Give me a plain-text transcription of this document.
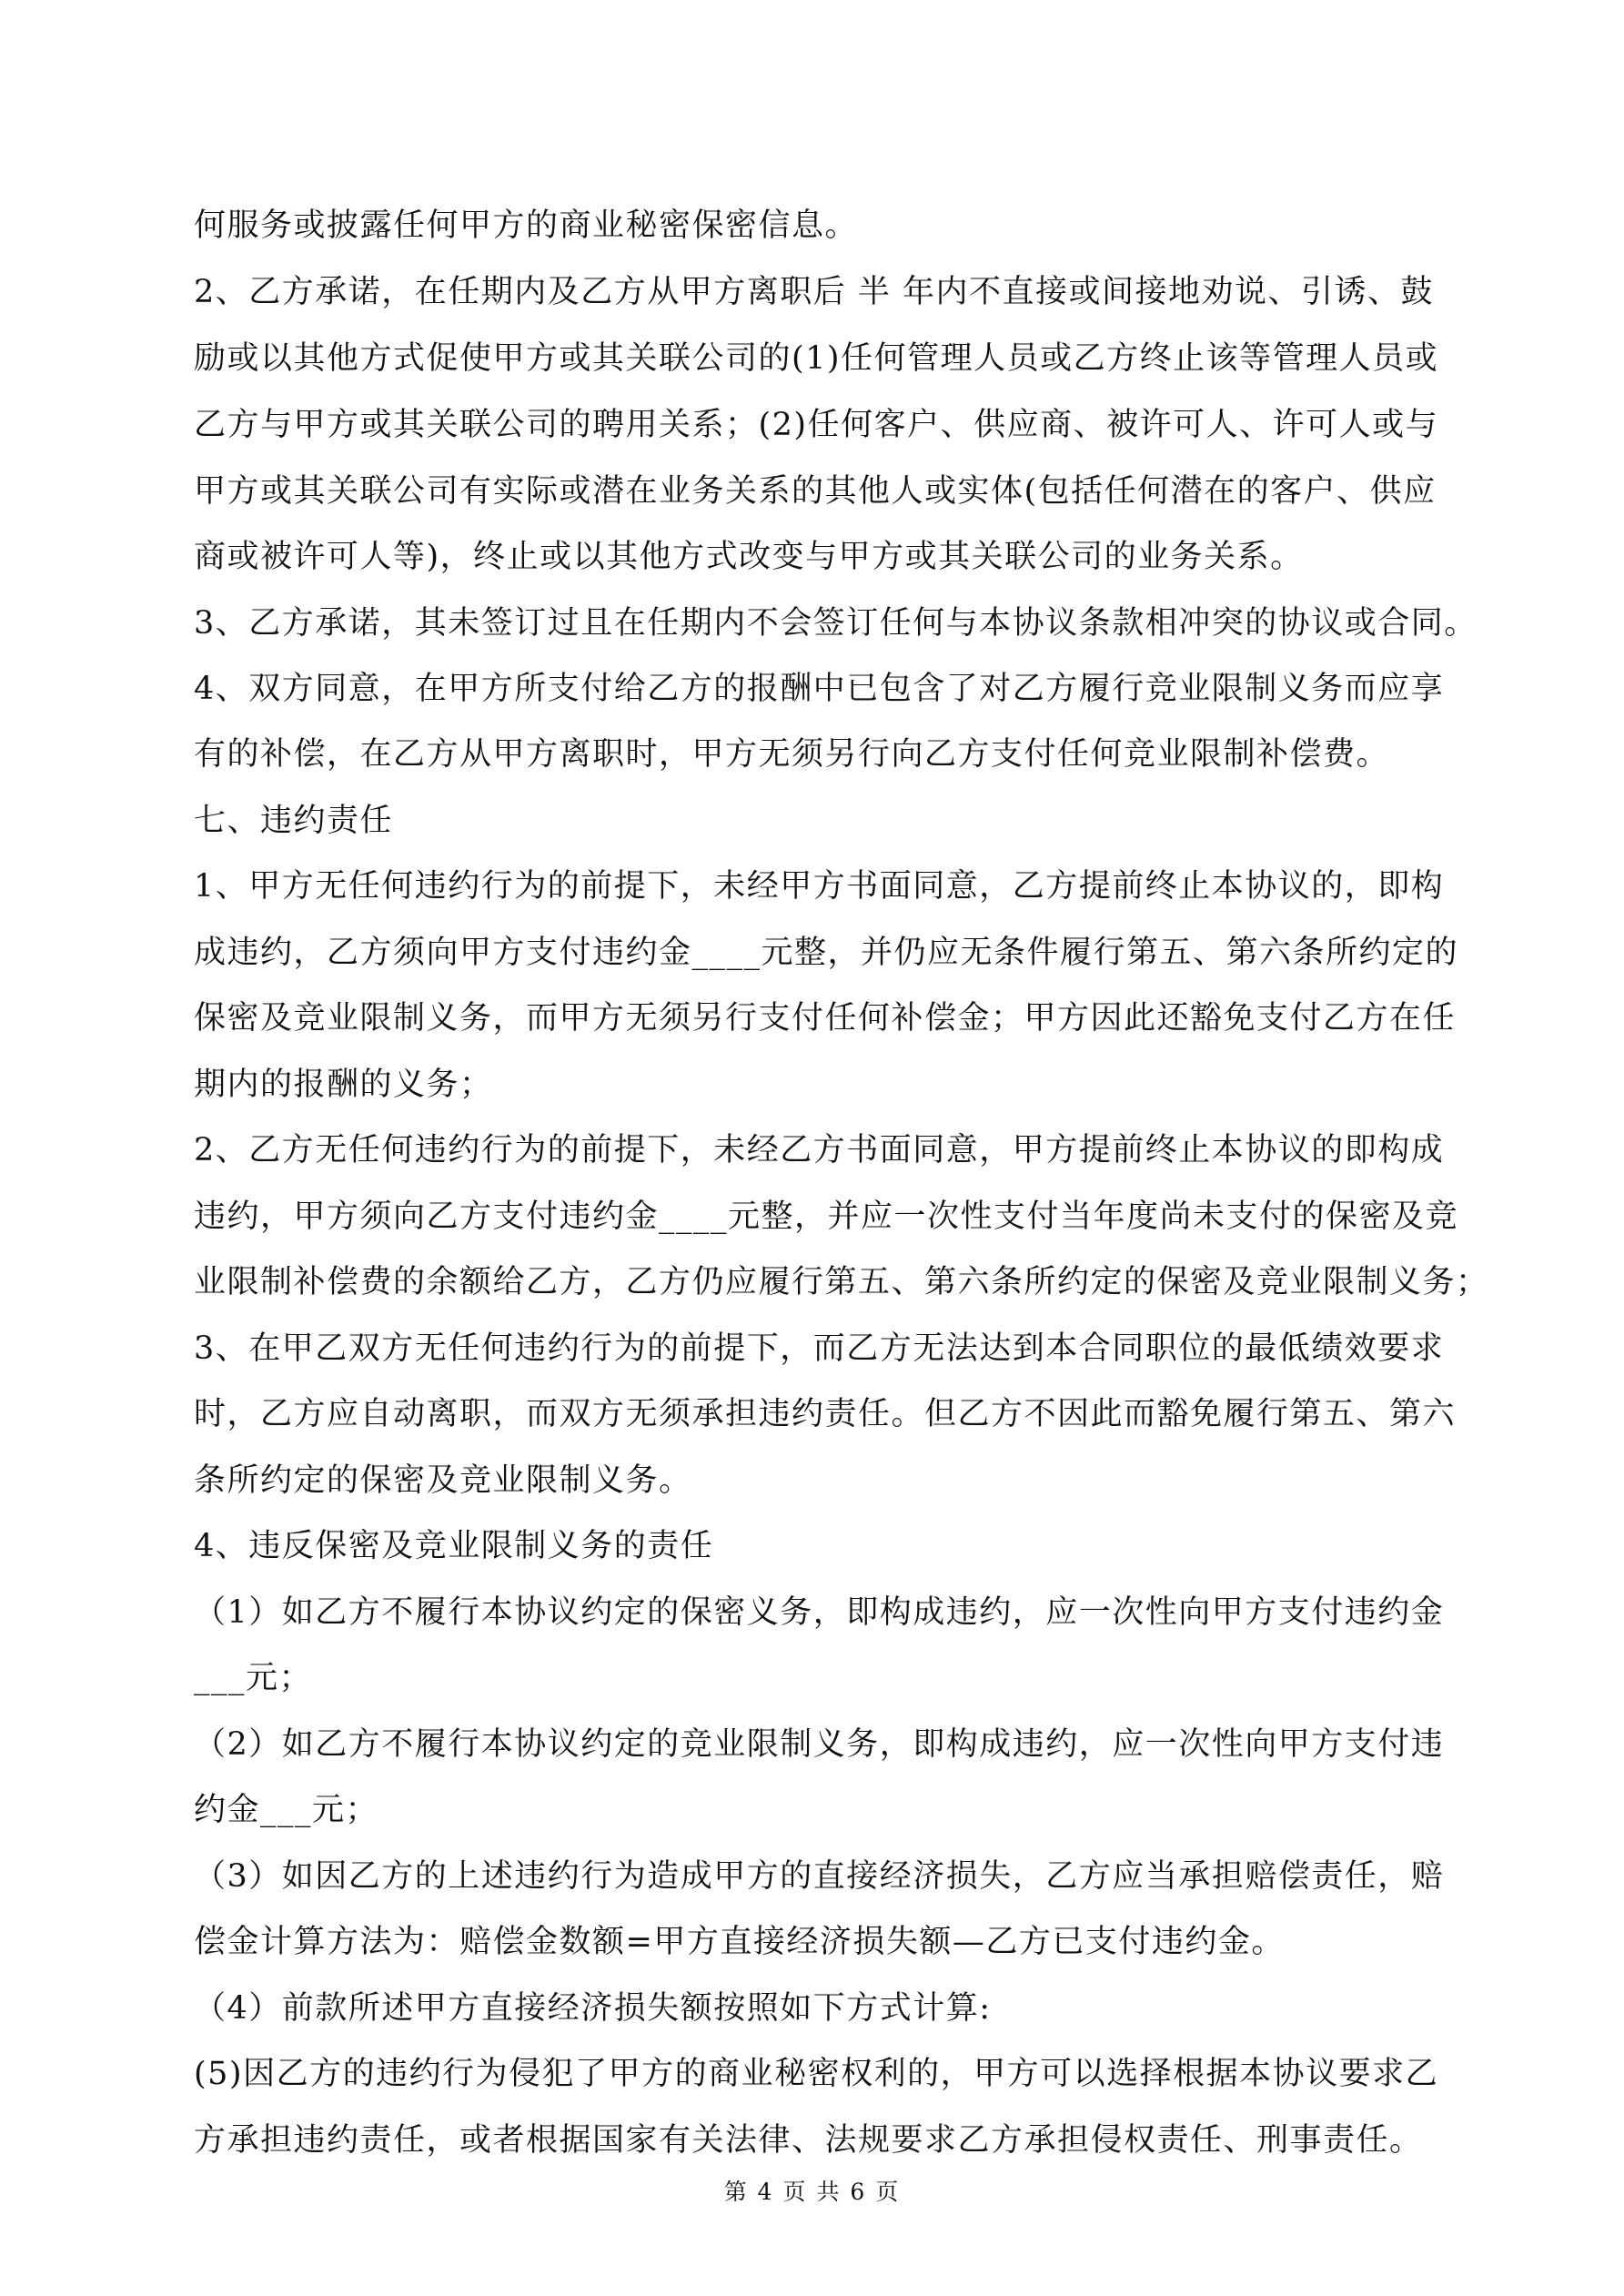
何服务或披露任何甲方的商业秘密保密信息。
2、乙方承诺，在任期内及乙方从甲方离职后 半 年内不直接或间接地劝说、引诱、鼓
励或以其他方式促使甲方或其关联公司的(1)任何管理人员或乙方终止该等管理人员或
乙方与甲方或其关联公司的聘用关系；(2)任何客户、供应商、被许可人、许可人或与
甲方或其关联公司有实际或潜在业务关系的其他人或实体(包括任何潜在的客户、供应
商或被许可人等)，终止或以其他方式改变与甲方或其关联公司的业务关系。
3、乙方承诺，其未签订过且在任期内不会签订任何与本协议条款相冲突的协议或合同。
4、双方同意，在甲方所支付给乙方的报酬中已包含了对乙方履行竞业限制义务而应享
有的补偿，在乙方从甲方离职时，甲方无须另行向乙方支付任何竞业限制补偿费。
七、违约责任
1、甲方无任何违约行为的前提下，未经甲方书面同意，乙方提前终止本协议的，即构
成违约，乙方须向甲方支付违约金____元整，并仍应无条件履行第五、第六条所约定的
保密及竞业限制义务，而甲方无须另行支付任何补偿金；甲方因此还豁免支付乙方在任
期内的报酬的义务；
2、乙方无任何违约行为的前提下，未经乙方书面同意，甲方提前终止本协议的即构成
违约，甲方须向乙方支付违约金____元整，并应一次性支付当年度尚未支付的保密及竞
业限制补偿费的余额给乙方，乙方仍应履行第五、第六条所约定的保密及竞业限制义务；
3、在甲乙双方无任何违约行为的前提下，而乙方无法达到本合同职位的最低绩效要求
时，乙方应自动离职，而双方无须承担违约责任。但乙方不因此而豁免履行第五、第六
条所约定的保密及竞业限制义务。
4、违反保密及竞业限制义务的责任
（1）如乙方不履行本协议约定的保密义务，即构成违约，应一次性向甲方支付违约金
___元；
（2）如乙方不履行本协议约定的竞业限制义务，即构成违约，应一次性向甲方支付违
约金___元；
（3）如因乙方的上述违约行为造成甲方的直接经济损失，乙方应当承担赔偿责任，赔
偿金计算方法为：赔偿金数额=甲方直接经济损失额—乙方已支付违约金。
（4）前款所述甲方直接经济损失额按照如下方式计算:
(5)因乙方的违约行为侵犯了甲方的商业秘密权利的，甲方可以选择根据本协议要求乙
方承担违约责任，或者根据国家有关法律、法规要求乙方承担侵权责任、刑事责任。
第 4 页 共 6 页
